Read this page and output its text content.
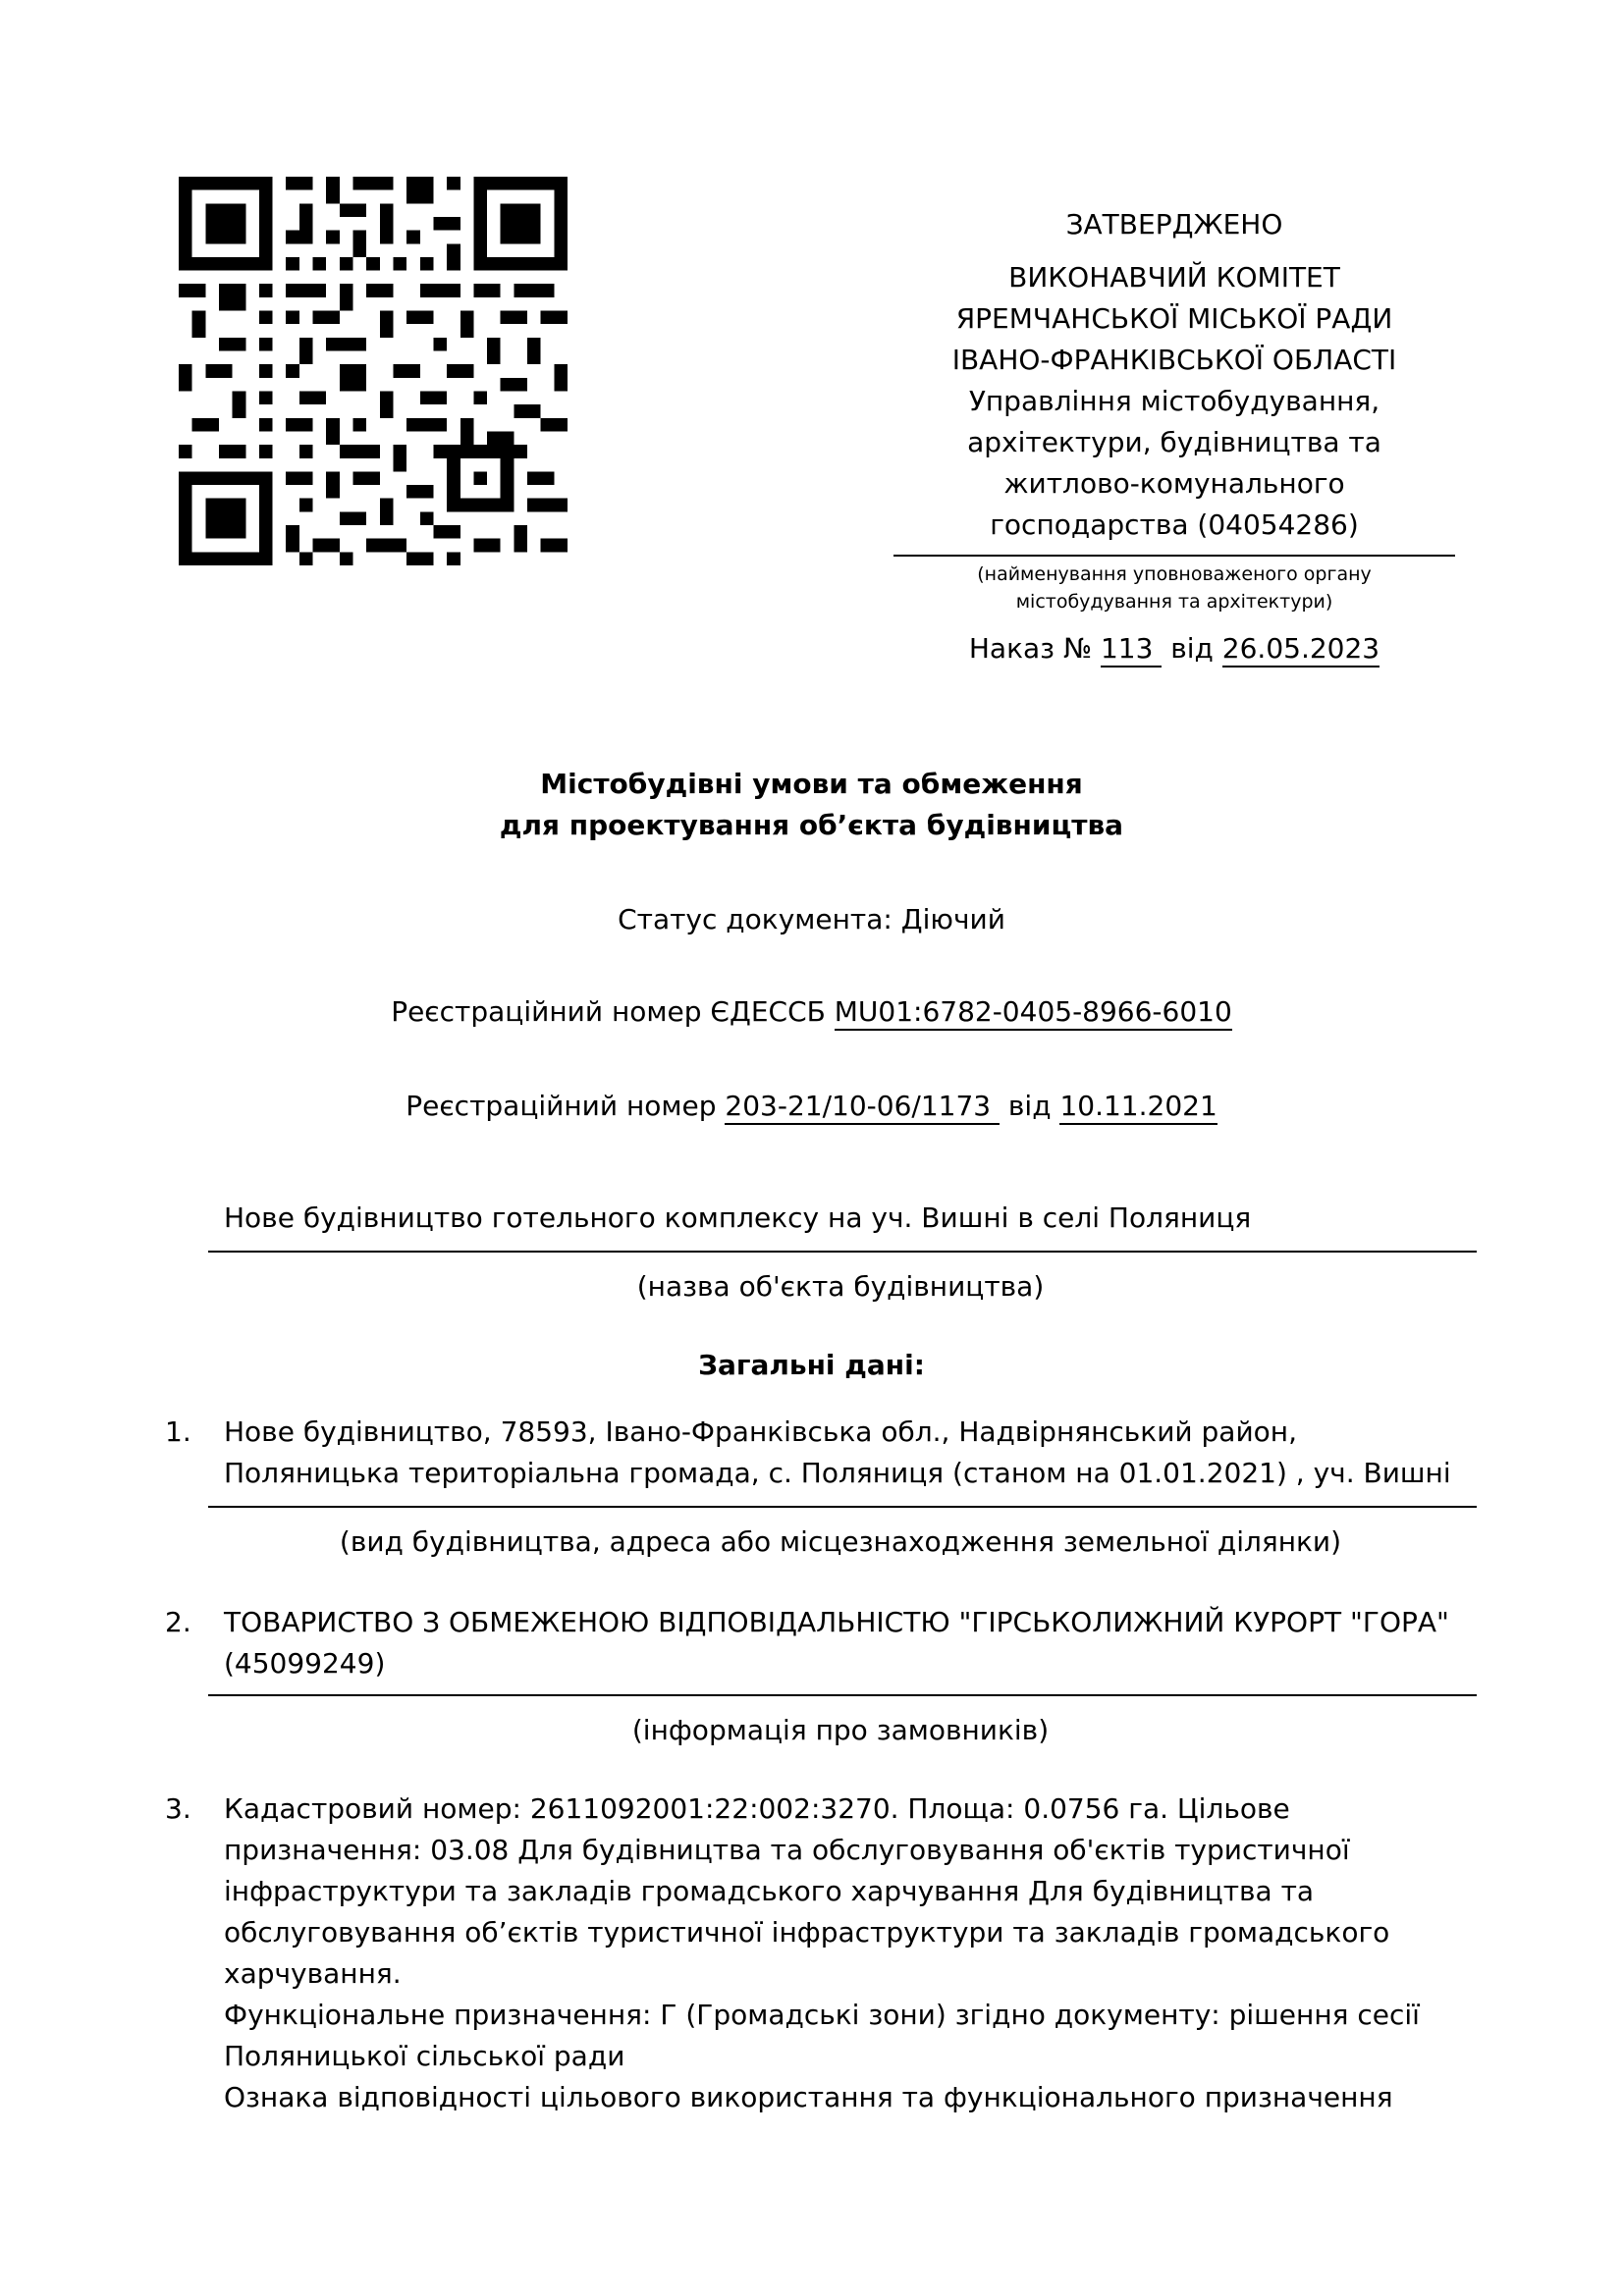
ЗАТВЕРДЖЕНО
ВИКОНАВЧИЙ КОМІТЕТ
ЯРЕМЧАНСЬКОЇ МІСЬКОЇ РАДИ
ІВАНО-ФРАНКІВСЬКОЇ ОБЛАСТІ
Управління містобудування,
архітектури, будівництва та
житлово-комунального
господарства (04054286)
(найменування уповноваженого органу
містобудування та архітектури)
Наказ № 113 від 26.05.2023
Містобудівні умови та обмеження
для проектування об’єкта будівництва
Статус документа: Діючий
Реєстраційний номер ЄДЕССБ MU01:6782-0405-8966-6010
Реєстраційний номер 203-21/10-06/1173 від 10.11.2021
Нове будівництво готельного комплексу на уч. Вишні в селі Поляниця
(назва об'єкта будівництва)
Загальні дані:
1. Нове будівництво, 78593, Івано-Франківська обл., Надвірнянський район,
Поляницька територіальна громада, с. Поляниця (станом на 01.01.2021) , уч. Вишні
(вид будівництва, адреса або місцезнаходження земельної ділянки)
2. ТОВАРИСТВО З ОБМЕЖЕНОЮ ВІДПОВІДАЛЬНІСТЮ "ГІРСЬКОЛИЖНИЙ КУРОРТ "ГОРА"
(45099249)
(інформація про замовників)
3. Кадастровий номер: 2611092001:22:002:3270. Площа: 0.0756 га. Цільове
призначення: 03.08 Для будівництва та обслуговування об'єктів туристичної
інфраструктури та закладів громадського харчування Для будівництва та
обслуговування об’єктів туристичної інфраструктури та закладів громадського
харчування.
Функціональне призначення: Г (Громадські зони) згідно документу: рішення сесії
Поляницької сільської ради
Ознака відповідності цільового використання та функціонального призначення
